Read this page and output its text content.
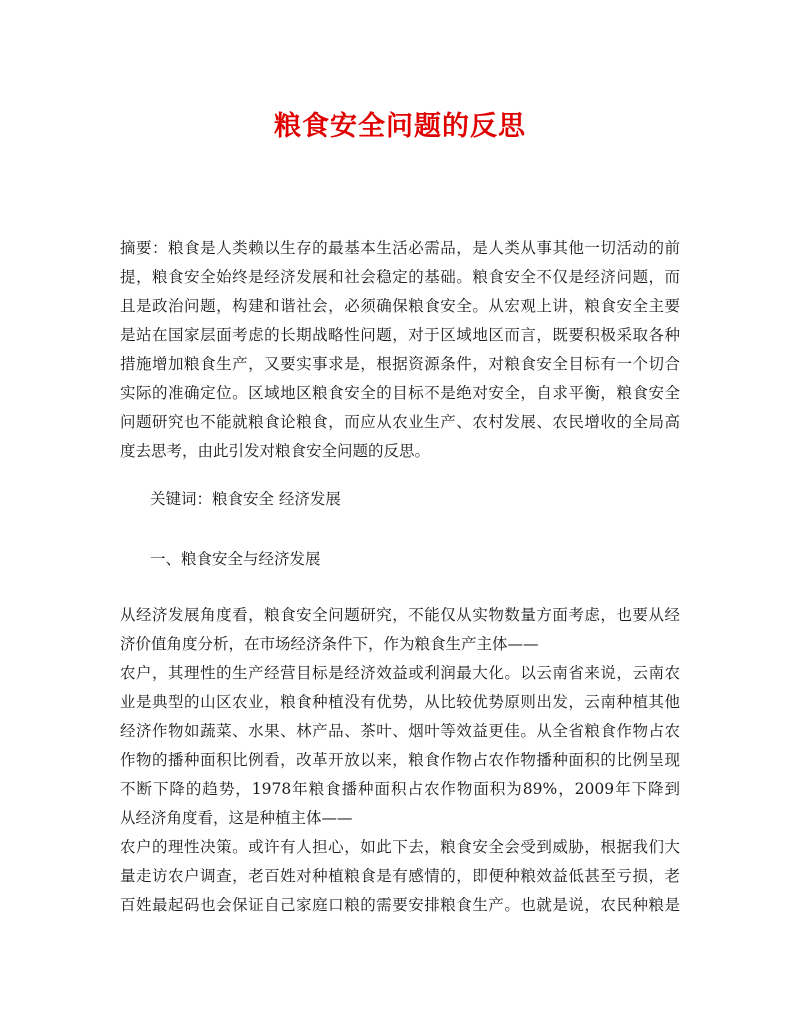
粮食安全问题的反思
摘要：粮食是人类赖以生存的最基本生活必需品，是人类从事其他一切活动的前
提，粮食安全始终是经济发展和社会稳定的基础。粮食安全不仅是经济问题，而
且是政治问题，构建和谐社会，必须确保粮食安全。从宏观上讲，粮食安全主要
是站在国家层面考虑的长期战略性问题，对于区域地区而言，既要积极采取各种
措施增加粮食生产，又要实事求是，根据资源条件，对粮食安全目标有一个切合
实际的准确定位。区域地区粮食安全的目标不是绝对安全，自求平衡，粮食安全
问题研究也不能就粮食论粮食，而应从农业生产、农村发展、农民增收的全局高
度去思考，由此引发对粮食安全问题的反思。
关键词：粮食安全 经济发展
一、粮食安全与经济发展
从经济发展角度看，粮食安全问题研究，不能仅从实物数量方面考虑，也要从经
济价值角度分析，在市场经济条件下，作为粮食生产主体——
农户，其理性的生产经营目标是经济效益或利润最大化。以云南省来说，云南农
业是典型的山区农业，粮食种植没有优势，从比较优势原则出发，云南种植其他
经济作物如蔬菜、水果、林产品、茶叶、烟叶等效益更佳。从全省粮食作物占农
作物的播种面积比例看，改革开放以来，粮食作物占农作物播种面积的比例呈现
不断下降的趋势，1978年粮食播种面积占农作物面积为89%，2009年下降到
从经济角度看，这是种植主体——
农户的理性决策。或许有人担心，如此下去，粮食安全会受到威胁，根据我们大
量走访农户调查，老百姓对种植粮食是有感情的，即便种粮效益低甚至亏损，老
百姓最起码也会保证自己家庭口粮的需要安排粮食生产。也就是说，农民种粮是
